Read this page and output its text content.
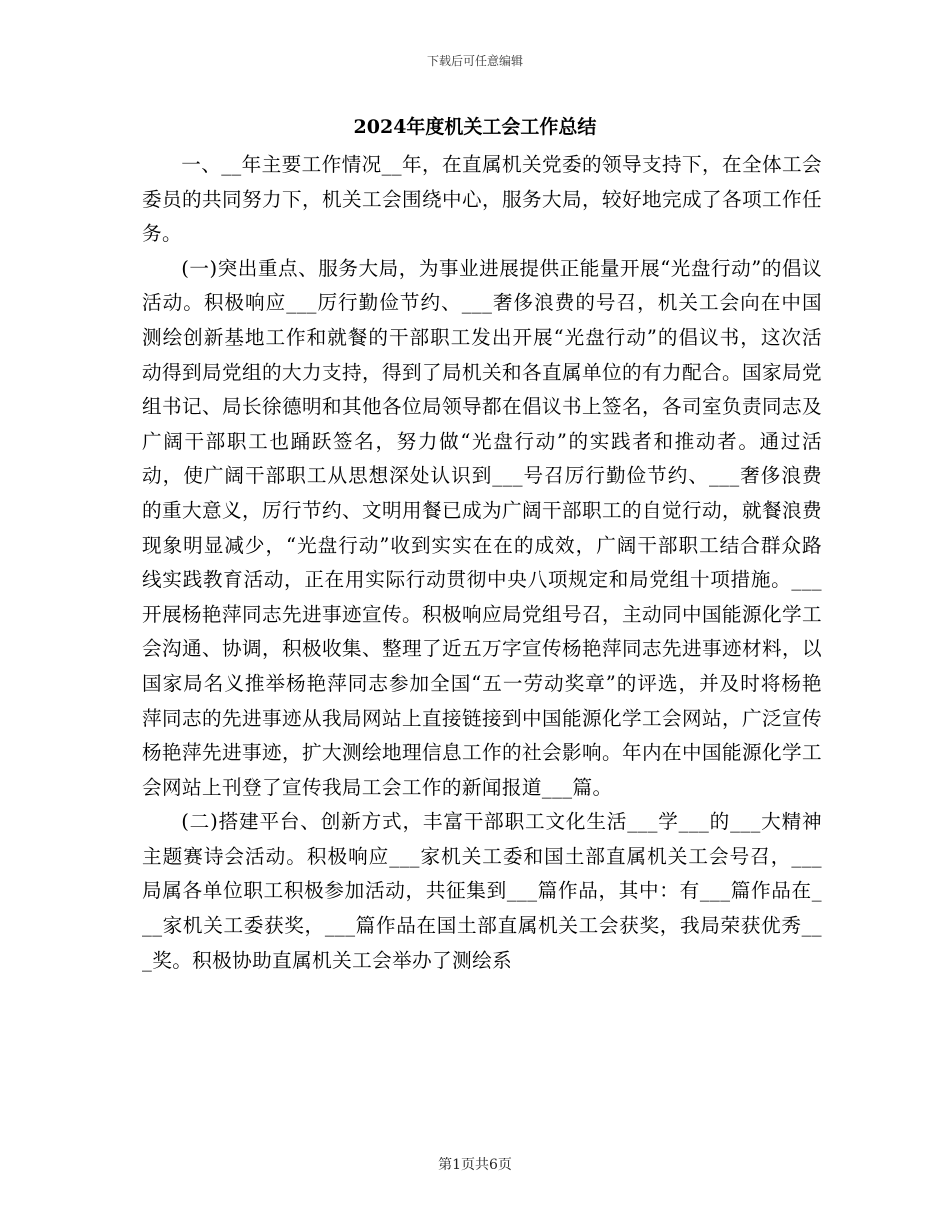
下载后可任意编辑
2024年度机关工会工作总结

一、__年主要工作情况__年，在直属机关党委的领导支持下，在全体工会委员的共同努力下，机关工会围绕中心，服务大局，较好地完成了各项工作任务。

(一)突出重点、服务大局，为事业进展提供正能量开展“光盘行动”的倡议活动。积极响应___厉行勤俭节约、___奢侈浪费的号召，机关工会向在中国测绘创新基地工作和就餐的干部职工发出开展“光盘行动”的倡议书，这次活动得到局党组的大力支持，得到了局机关和各直属单位的有力配合。国家局党组书记、局长徐德明和其他各位局领导都在倡议书上签名，各司室负责同志及广阔干部职工也踊跃签名，努力做“光盘行动”的实践者和推动者。通过活动，使广阔干部职工从思想深处认识到___号召厉行勤俭节约、___奢侈浪费的重大意义，厉行节约、文明用餐已成为广阔干部职工的自觉行动，就餐浪费现象明显减少，“光盘行动”收到实实在在的成效，广阔干部职工结合群众路线实践教育活动，正在用实际行动贯彻中央八项规定和局党组十项措施。___开展杨艳萍同志先进事迹宣传。积极响应局党组号召，主动同中国能源化学工会沟通、协调，积极收集、整理了近五万字宣传杨艳萍同志先进事迹材料，以国家局名义推举杨艳萍同志参加全国“五一劳动奖章”的评选，并及时将杨艳萍同志的先进事迹从我局网站上直接链接到中国能源化学工会网站，广泛宣传杨艳萍先进事迹，扩大测绘地理信息工作的社会影响。年内在中国能源化学工会网站上刊登了宣传我局工会工作的新闻报道___篇。

(二)搭建平台、创新方式，丰富干部职工文化生活___学___的___大精神主题赛诗会活动。积极响应___家机关工委和国土部直属机关工会号召，___局属各单位职工积极参加活动，共征集到___篇作品，其中：有___篇作品在___家机关工委获奖，___篇作品在国土部直属机关工会获奖，我局荣获优秀___奖。积极协助直属机关工会举办了测绘系

第1页共6页
